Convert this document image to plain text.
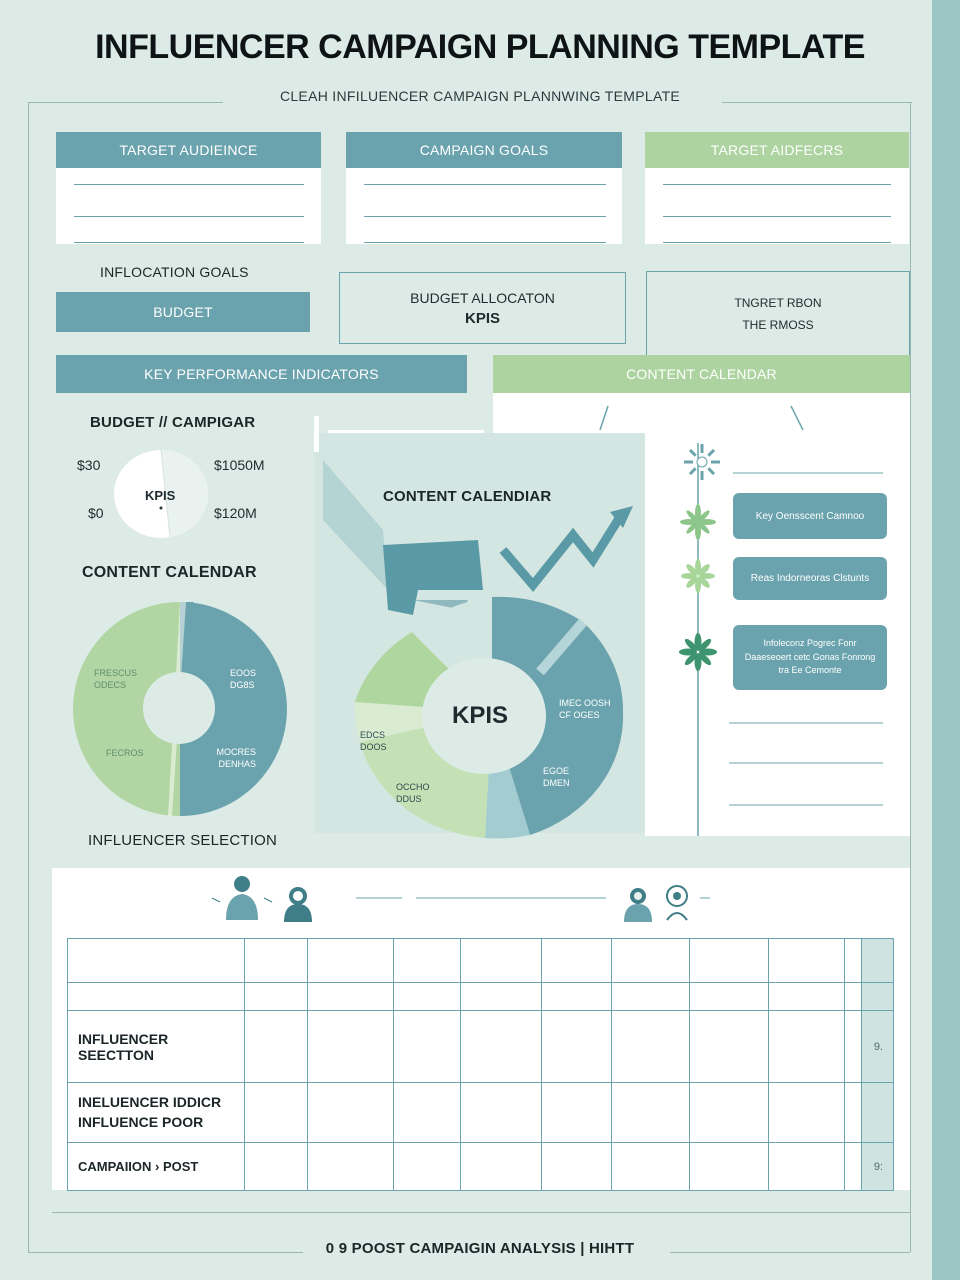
INFLUENCER CAMPAIGN PLANNING TEMPLATE
CLEAH INFILUENCER CAMPAIGN PLANNWING TEMPLATE
TARGET AUDIEINCE	CAMPAIGN GOALS	TARGET AIDFECRS
INFLOCATION GOALS
BUDGET
BUDGET ALLOCATON
KPIS
TNGRET RBON
THE RMOSS
KEY PERFORMANCE INDICATORS	CONTENT CALENDAR
Key Oensscent Camnoo
Reas Indorneoras Clstunts
Infoleconz Pogrec Fonr Daaeseoert cetc Gonas Fonrong tra Ee Cemonte
BUDGET // CAMPIGAR
KPIS
$30
$0
$1050M
$120M
CONTENT CALENDIAR
KPIS	IMEC OOSH CF OGES
EDCS DOOS
OCCHO DDUS
EGOE DMEN
CONTENT CALENDAR
FRESCUS ODECS
EOOS DG8S
FECROS	MOCRES DENHAS
INFLUENCER SELECTION

INFLUENCER SEECTTON										9.
INELUENCER IDDICR
INFLUENCE POOR										
CAMPAIION › POST										9:
0 9 POOST CAMPAIGIN ANALYSIS | HIHTT
